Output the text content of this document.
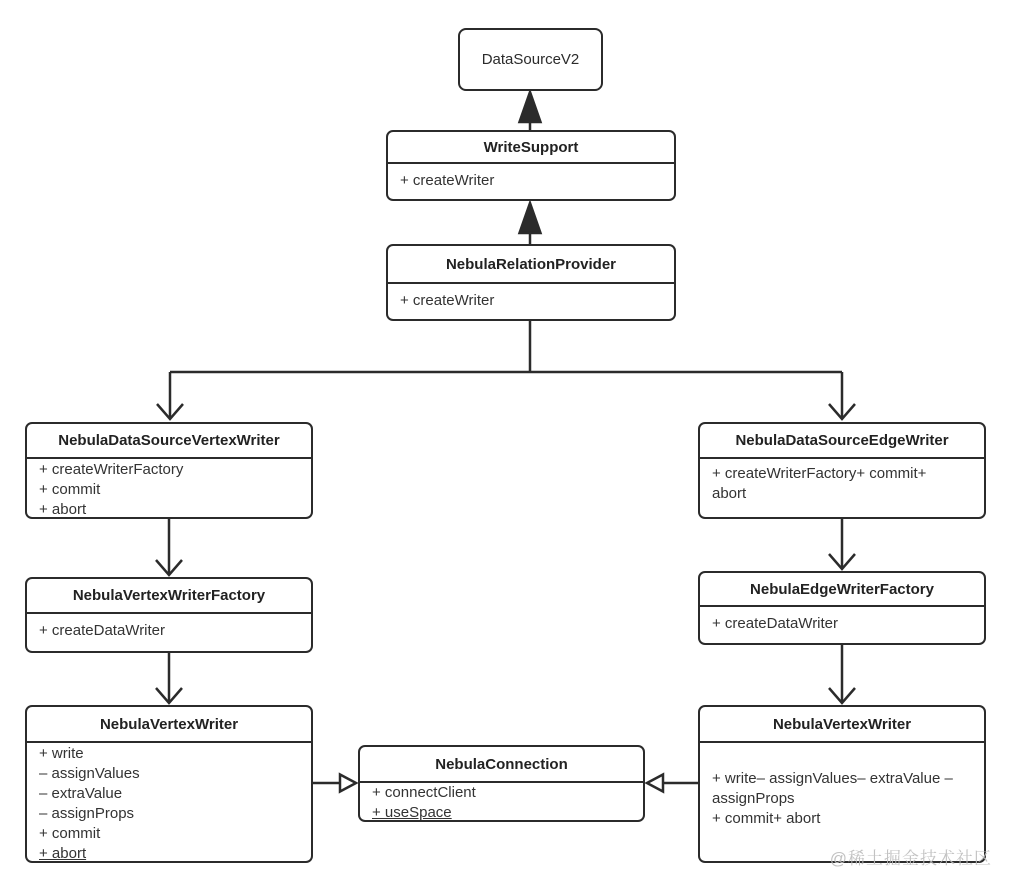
DataSourceV2
WriteSupport
+ createWriter
NebulaRelationProvider
+ createWriter
NebulaDataSourceVertexWriter
+ createWriterFactory
+ commit
+ abort
NebulaDataSourceEdgeWriter
+ createWriterFactory+ commit+ abort
NebulaVertexWriterFactory
+ createDataWriter
NebulaEdgeWriterFactory
+ createDataWriter
NebulaVertexWriter
+ write
– assignValues
– extraValue
– assignProps
+ commit
+ abort
NebulaConnection
+ connectClient
+ useSpace
NebulaVertexWriter
+ write– assignValues– extraValue –assignProps
+ commit+ abort
@稀土掘金技术社区
